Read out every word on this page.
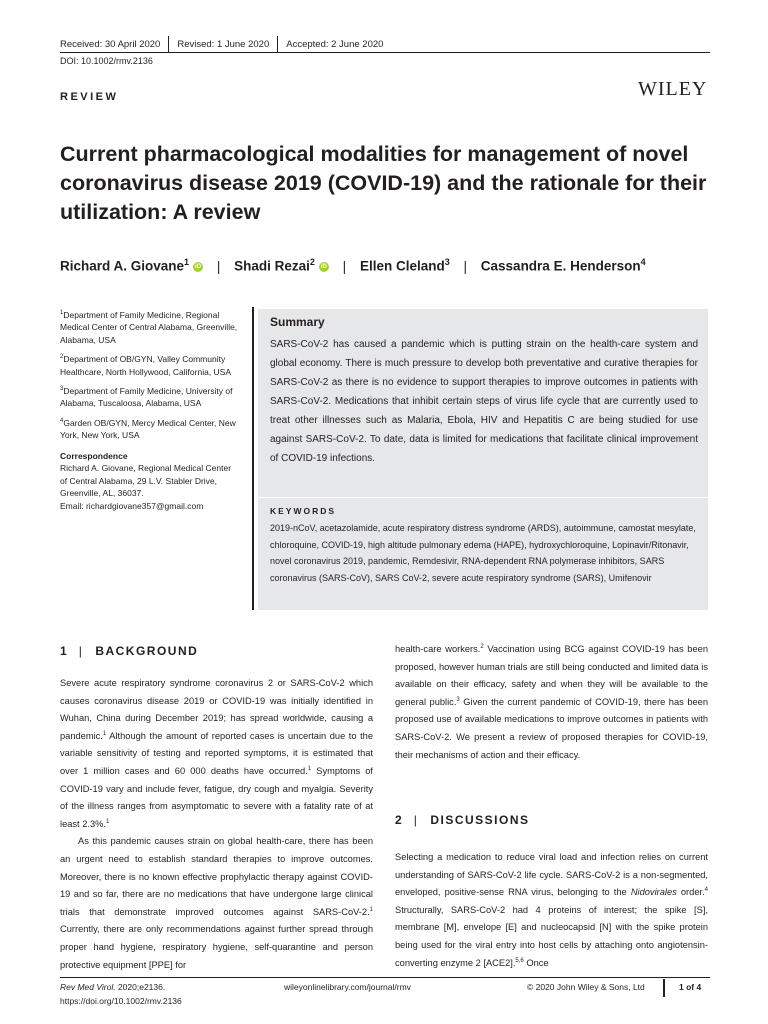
Received: 30 April 2020	Revised: 1 June 2020	Accepted: 2 June 2020
DOI: 10.1002/rmv.2136
REVIEW	WILEY
Current pharmacological modalities for management of novel coronavirus disease 2019 (COVID-19) and the rationale for their utilization: A review
Richard A. Giovane$^1$ iD | Shadi Rezai$^2$ iD | Ellen Cleland$^3$ | Cassandra E. Henderson$^4$

$^1$Department of Family Medicine, Regional Medical Center of Central Alabama, Greenville, Alabama, USA

$^2$Department of OB/GYN, Valley Community Healthcare, North Hollywood, California, USA

$^3$Department of Family Medicine, University of Alabama, Tuscaloosa, Alabama, USA

$^4$Garden OB/GYN, Mercy Medical Center, New York, New York, USA

Correspondence
Richard A. Giovane, Regional Medical Center
of Central Alabama, 29 L.V. Stabler Drive,
Greenville, AL, 36037.
Email: richardgiovane357@gmail.com
Summary
SARS-CoV-2 has caused a pandemic which is putting strain on the health-care system and global economy. There is much pressure to develop both preventative and curative therapies for SARS-CoV-2 as there is no evidence to support therapies to improve outcomes in patients with SARS-CoV-2. Medications that inhibit certain steps of virus life cycle that are currently used to treat other illnesses such as Malaria, Ebola, HIV and Hepatitis C are being studied for use against SARS-CoV-2. To date, data is limited for medications that facilitate clinical improvement of COVID-19 infections.
KEYWORDS
2019-nCoV, acetazolamide, acute respiratory distress syndrome (ARDS), autoimmune, camostat mesylate, chloroquine, COVID-19, high altitude pulmonary edema (HAPE), hydroxychloroquine, Lopinavir/Ritonavir, novel coronavirus 2019, pandemic, Remdesivir, RNA-dependent RNA polymerase inhibitors, SARS coronavirus (SARS-CoV), SARS CoV-2, severe acute respiratory syndrome (SARS), Umifenovir
1 | BACKGROUND

Severe acute respiratory syndrome coronavirus 2 or SARS-CoV-2 which causes coronavirus disease 2019 or COVID-19 was initially identified in Wuhan, China during December 2019; has spread worldwide, causing a pandemic.$^1$ Although the amount of reported cases is uncertain due to the variable sensitivity of testing and reported symptoms, it is estimated that over 1 million cases and 60 000 deaths have occurred.$^1$ Symptoms of COVID-19 vary and include fever, fatigue, dry cough and myalgia. Severity of the illness ranges from asymptomatic to severe with a fatality rate of at least 2.3%.$^1$

As this pandemic causes strain on global health-care, there has been an urgent need to establish standard therapies to improve outcomes. Moreover, there is no known effective prophylactic therapy against COVID-19 and so far, there are no medications that have undergone large clinical trials that demonstrate improved outcomes against SARS-CoV-2.$^1$ Currently, there are only recommendations against further spread through proper hand hygiene, respiratory hygiene, self-quarantine and person protective equipment [PPE] for

health-care workers.$^2$ Vaccination using BCG against COVID-19 has been proposed, however human trials are still being conducted and limited data is available on their efficacy, safety and when they will be available to the general public.$^3$ Given the current pandemic of COVID-19, there has been proposed use of available medications to improve outcomes in patients with SARS-CoV-2. We present a review of proposed therapies for COVID-19, their mechanisms of action and their efficacy.

2 | DISCUSSIONS

Selecting a medication to reduce viral load and infection relies on current understanding of SARS-CoV-2 life cycle. SARS-CoV-2 is a non-segmented, enveloped, positive-sense RNA virus, belonging to the Nidovirales order.$^4$ Structurally, SARS-CoV-2 had 4 proteins of interest; the spike [S], membrane [M], envelope [E] and nucleocapsid [N] with the spike protein being used for the viral entry into host cells by attaching onto angiotensin-converting enzyme 2 [ACE2].$^{5,6}$ Once

Rev Med Virol. 2020;e2136.
https://doi.org/10.1002/rmv.2136
wileyonlinelibrary.com/journal/rmv	© 2020 John Wiley & Sons, Ltd	1 of 4
